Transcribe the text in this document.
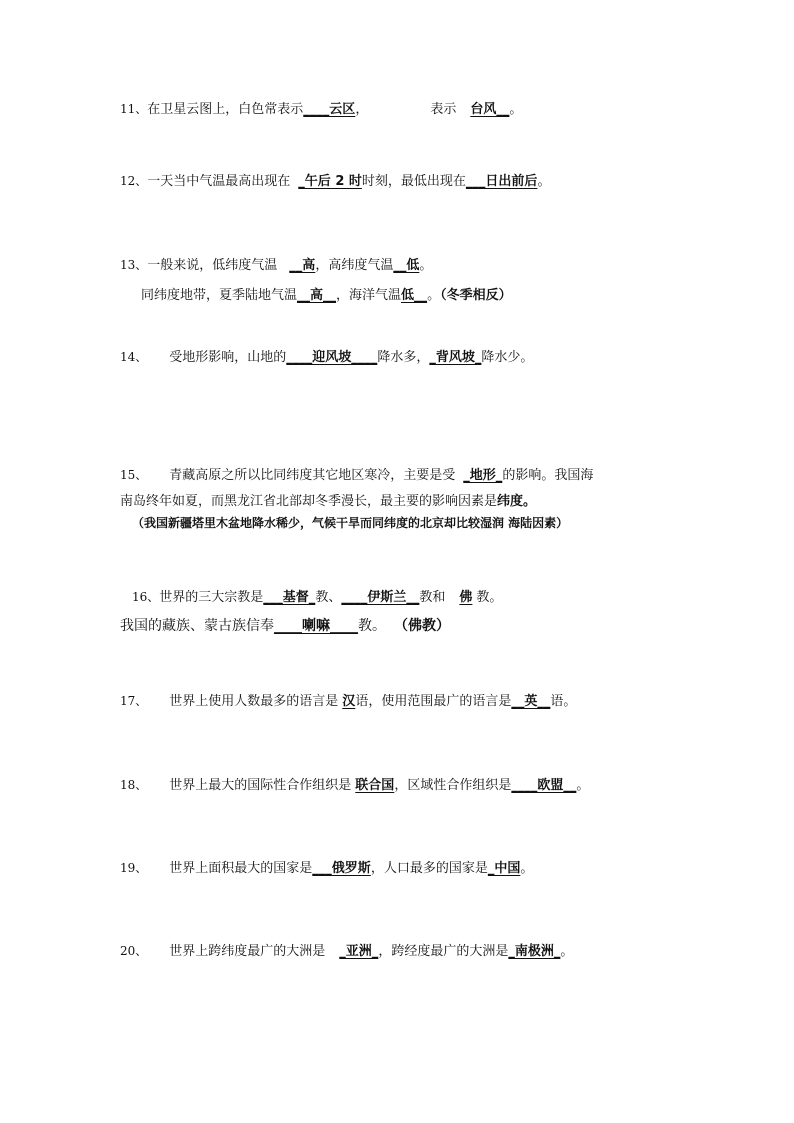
11、在卫星云图上，白色常表示____云区，	表示 台风__。
12、一天当中气温最高出现在 _午后 2 时时刻，最低出现在___日出前后。
13、一般来说，低纬度气温 __高，高纬度气温__低。
同纬度地带，夏季陆地气温__高__，海洋气温低__。（冬季相反）
14、 受地形影响，山地的____迎风坡____降水多，_背风坡_降水少。
15、 青藏高原之所以比同纬度其它地区寒冷，主要是受 _地形_的影响。我国海
南岛终年如夏，而黑龙江省北部却冬季漫长，最主要的影响因素是纬度。
（我国新疆塔里木盆地降水稀少，气候干旱而同纬度的北京却比较湿润 海陆因素）
16、世界的三大宗教是___基督_教、____伊斯兰__教和 佛 教。
我国的藏族、蒙古族信奉____喇嘛____教。 （佛教）
17、 世界上使用人数最多的语言是 汉语，使用范围最广的语言是__英__语。
18、 世界上最大的国际性合作组织是 联合国，区域性合作组织是____欧盟__。
19、 世界上面积最大的国家是___俄罗斯，人口最多的国家是_中国。
20、 世界上跨纬度最广的大洲是 _亚洲_，跨经度最广的大洲是_南极洲_。
